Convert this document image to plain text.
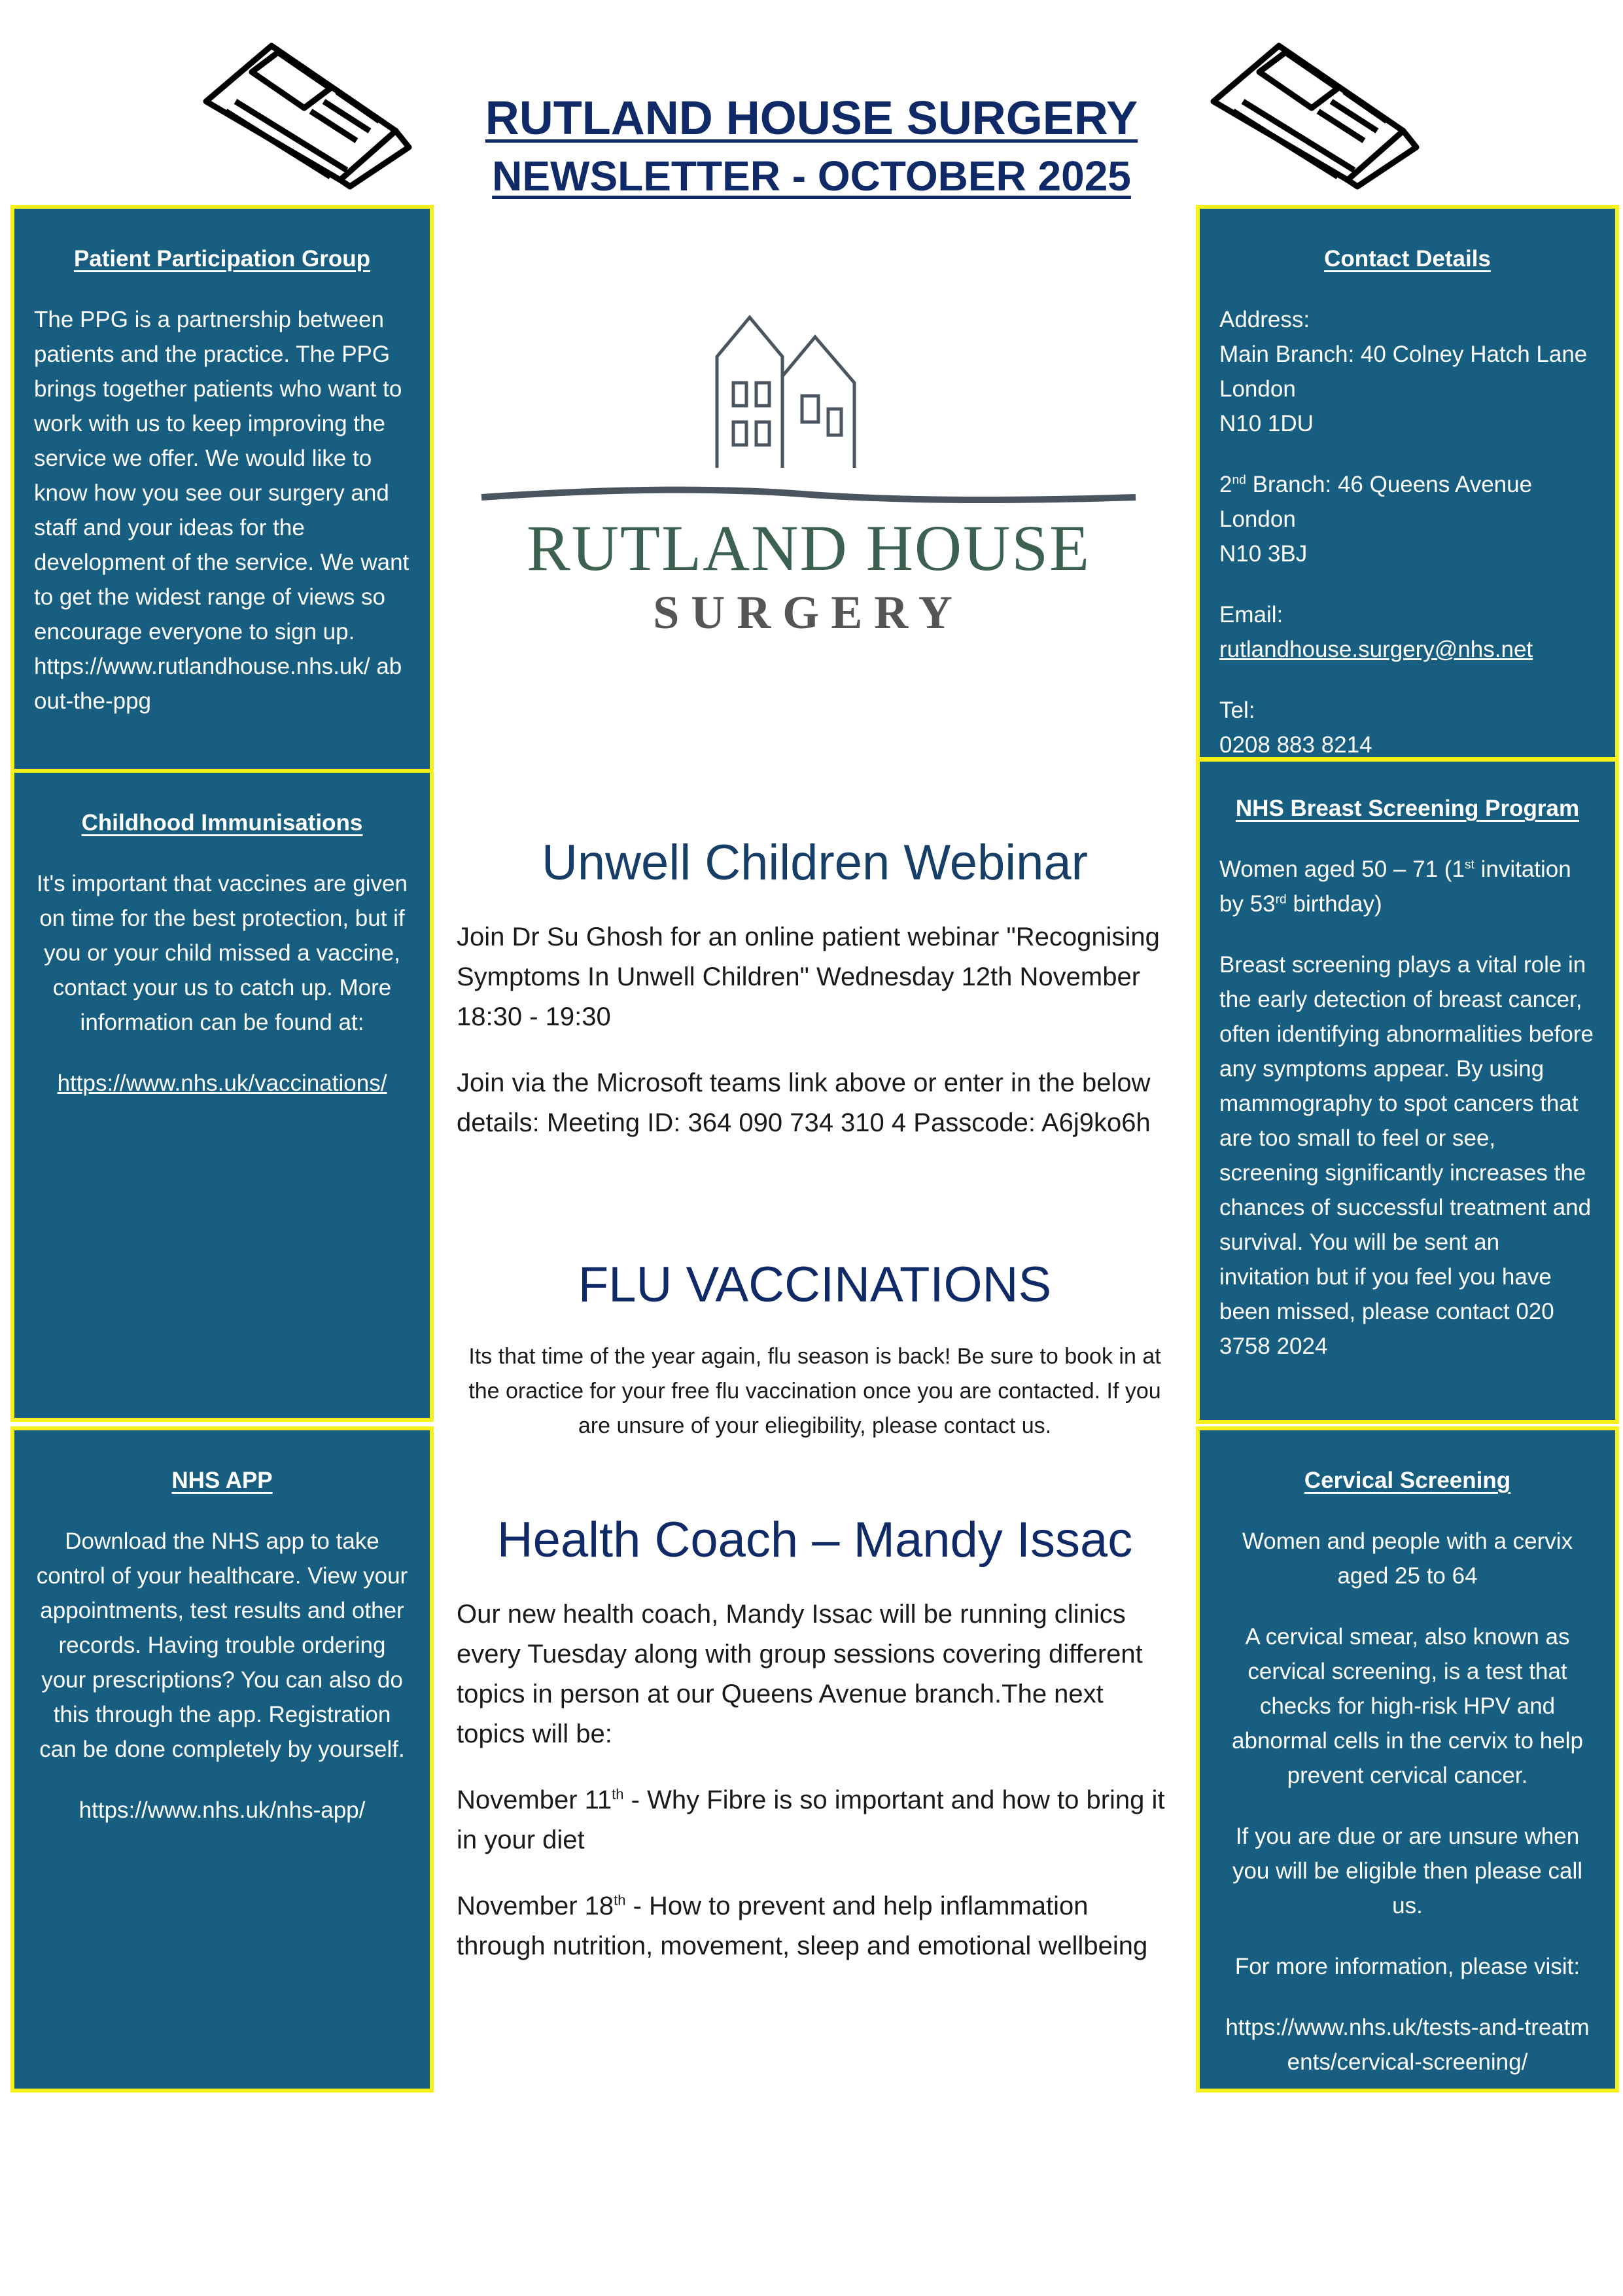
RUTLAND HOUSE SURGERY
NEWSLETTER - OCTOBER 2025
Patient Participation Group

The PPG is a partnership between patients and the practice. The PPG brings together patients who want to work with us to keep improving the service we offer. We would like to know how you see our surgery and staff and your ideas for the development of the service. We want to get the widest range of views so encourage everyone to sign up.

https://www.rutlandhouse.nhs.uk/ about-the-ppg

Childhood Immunisations

It's important that vaccines are given on time for the best protection, but if you or your child missed a vaccine, contact your us to catch up. More information can be found at:

https://www.nhs.uk/vaccinations/

NHS APP

Download the NHS app to take control of your healthcare. View your appointments, test results and other records. Having trouble ordering your prescriptions? You can also do this through the app. Registration can be done completely by yourself.

https://www.nhs.uk/nhs-app/

Contact Details

Address:
Main Branch: 40 Colney Hatch Lane
London
N10 1DU

2nd Branch: 46 Queens Avenue
London
N10 3BJ

Email:
rutlandhouse.surgery@nhs.net

Tel:
0208 883 8214

NHS Breast Screening Program

Women aged 50 – 71 (1st invitation by 53rd birthday)

Breast screening plays a vital role in the early detection of breast cancer, often identifying abnormalities before any symptoms appear. By using mammography to spot cancers that are too small to feel or see, screening significantly increases the chances of successful treatment and survival. You will be sent an invitation but if you feel you have been missed, please contact 020 3758 2024

Cervical Screening

Women and people with a cervix aged 25 to 64

A cervical smear, also known as cervical screening, is a test that checks for high-risk HPV and abnormal cells in the cervix to help prevent cervical cancer.

If you are due or are unsure when you will be eligible then please call us.

For more information, please visit:

https://www.nhs.uk/tests-and-treatments/cervical-screening/

RUTLAND HOUSE
SURGERY
Unwell Children Webinar

Join Dr Su Ghosh for an online patient webinar "Recognising Symptoms In Unwell Children" Wednesday 12th November 18:30 - 19:30

Join via the Microsoft teams link above or enter in the below details: Meeting ID: 364 090 734 310 4 Passcode: A6j9ko6h

FLU VACCINATIONS

Its that time of the year again, flu season is back! Be sure to book in at the oractice for your free flu vaccination once you are contacted. If you are unsure of your eliegibility, please contact us.

Health Coach – Mandy Issac

Our new health coach, Mandy Issac will be running clinics every Tuesday along with group sessions covering different topics in person at our Queens Avenue branch.The next topics will be:

November 11th - Why Fibre is so important and how to bring it in your diet

November 18th - How to prevent and help inflammation through nutrition, movement, sleep and emotional wellbeing
